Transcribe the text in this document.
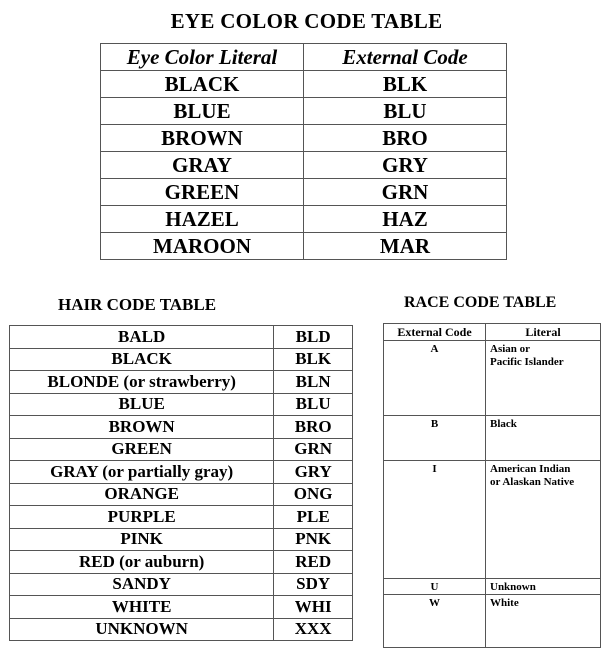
EYE COLOR CODE TABLE
Eye Color Literal	External Code
BLACK	BLK
BLUE	BLU
BROWN	BRO
GRAY	GRY
GREEN	GRN
HAZEL	HAZ
MAROON	MAR
HAIR CODE TABLE
BALD	BLD
BLACK	BLK
BLONDE (or strawberry)	BLN
BLUE	BLU
BROWN	BRO
GREEN	GRN
GRAY (or partially gray)	GRY
ORANGE	ONG
PURPLE	PLE
PINK	PNK
RED (or auburn)	RED
SANDY	SDY
WHITE	WHI
UNKNOWN	XXX
RACE CODE TABLE
External Code	Literal
A	Asian or
Pacific Islander
B	Black
I	American Indian
or Alaskan Native
U	Unknown
W	White
